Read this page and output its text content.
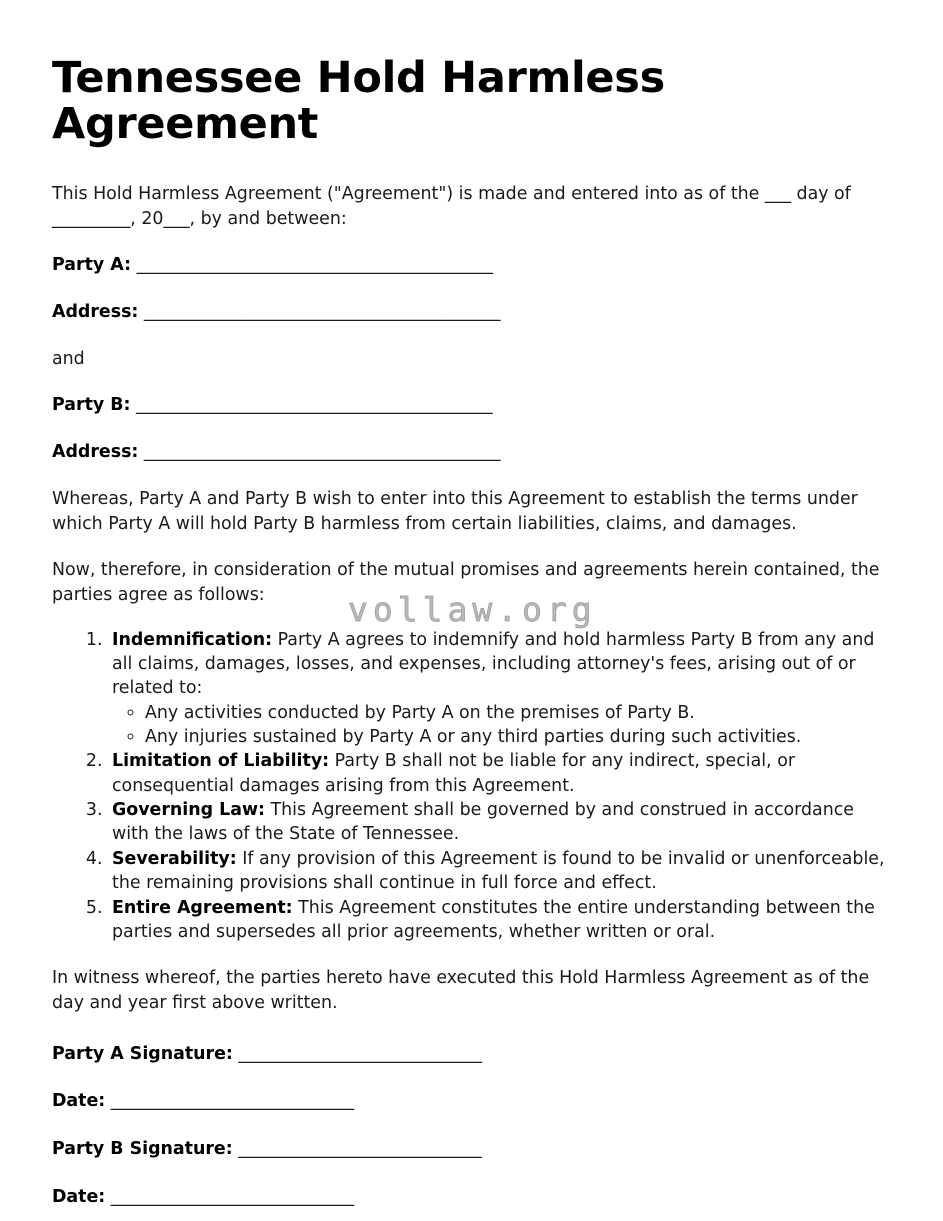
Tennessee Hold Harmless Agreement

This Hold Harmless Agreement ("Agreement") is made and entered into as of the ___ day of _________, 20___, by and between:

Party A: _________________________________________
Address: _________________________________________
and
Party B: _________________________________________
Address: _________________________________________

Whereas, Party A and Party B wish to enter into this Agreement to establish the terms under which Party A will hold Party B harmless from certain liabilities, claims, and damages.

Now, therefore, in consideration of the mutual promises and agreements herein contained, the parties agree as follows:

1. Indemnification: Party A agrees to indemnify and hold harmless Party B from any and all claims, damages, losses, and expenses, including attorney's fees, arising out of or related to:
◦ Any activities conducted by Party A on the premises of Party B.
◦ Any injuries sustained by Party A or any third parties during such activities.
2. Limitation of Liability: Party B shall not be liable for any indirect, special, or consequential damages arising from this Agreement.
3. Governing Law: This Agreement shall be governed by and construed in accordance with the laws of the State of Tennessee.
4. Severability: If any provision of this Agreement is found to be invalid or unenforceable, the remaining provisions shall continue in full force and effect.
5. Entire Agreement: This Agreement constitutes the entire understanding between the parties and supersedes all prior agreements, whether written or oral.

In witness whereof, the parties hereto have executed this Hold Harmless Agreement as of the day and year first above written.

Party A Signature: ____________________________
Date: ____________________________
Party B Signature: ____________________________
Date: ____________________________
vollaw.org
